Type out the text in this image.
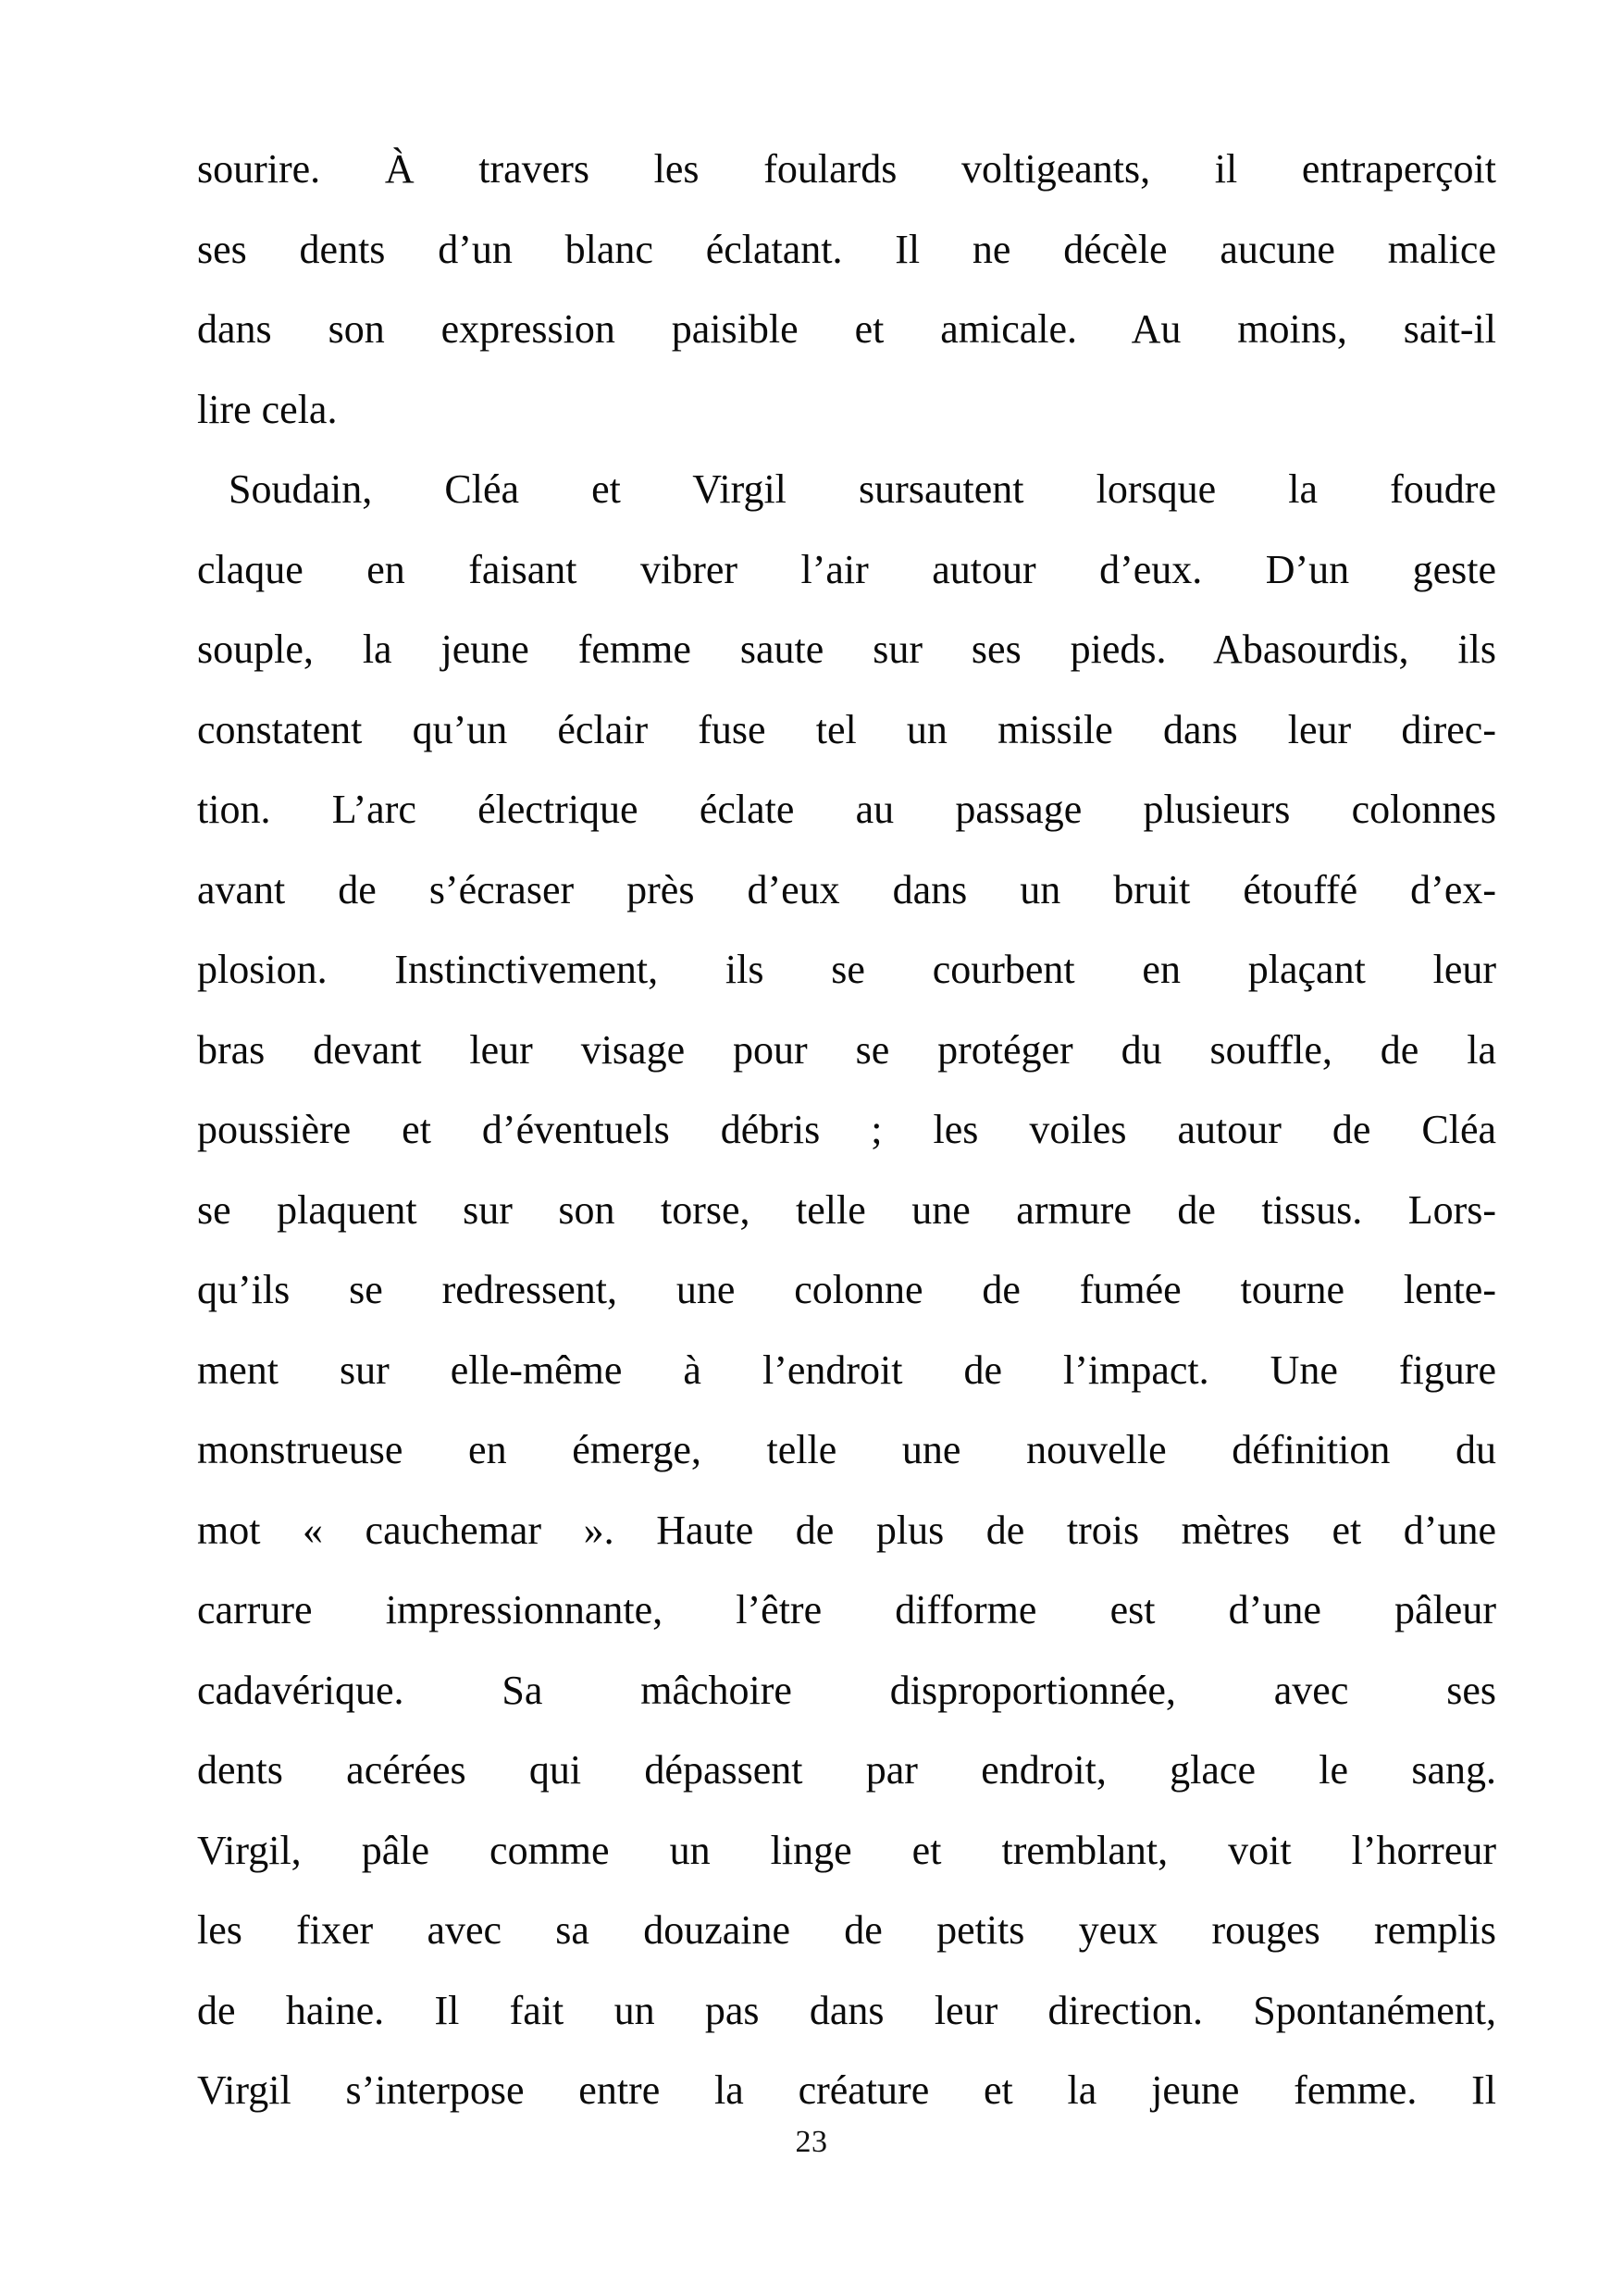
sourire. À travers les foulards voltigeants, il entraperçoit
ses dents d’un blanc éclatant. Il ne décèle aucune malice
dans son expression paisible et amicale. Au moins, sait-il
lire cela.
Soudain, Cléa et Virgil sursautent lorsque la foudre
claque en faisant vibrer l’air autour d’eux. D’un geste
souple, la jeune femme saute sur ses pieds. Abasourdis, ils
constatent qu’un éclair fuse tel un missile dans leur direc-
tion. L’arc électrique éclate au passage plusieurs colonnes
avant de s’écraser près d’eux dans un bruit étouffé d’ex-
plosion. Instinctivement, ils se courbent en plaçant leur
bras devant leur visage pour se protéger du souffle, de la
poussière et d’éventuels débris ; les voiles autour de Cléa
se plaquent sur son torse, telle une armure de tissus. Lors-
qu’ils se redressent, une colonne de fumée tourne lente-
ment sur elle-même à l’endroit de l’impact. Une figure
monstrueuse en émerge, telle une nouvelle définition du
mot « cauchemar ». Haute de plus de trois mètres et d’une
carrure impressionnante, l’être difforme est d’une pâleur
cadavérique. Sa mâchoire disproportionnée, avec ses
dents acérées qui dépassent par endroit, glace le sang.
Virgil, pâle comme un linge et tremblant, voit l’horreur
les fixer avec sa douzaine de petits yeux rouges remplis
de haine. Il fait un pas dans leur direction. Spontanément,
Virgil s’interpose entre la créature et la jeune femme. Il
23
